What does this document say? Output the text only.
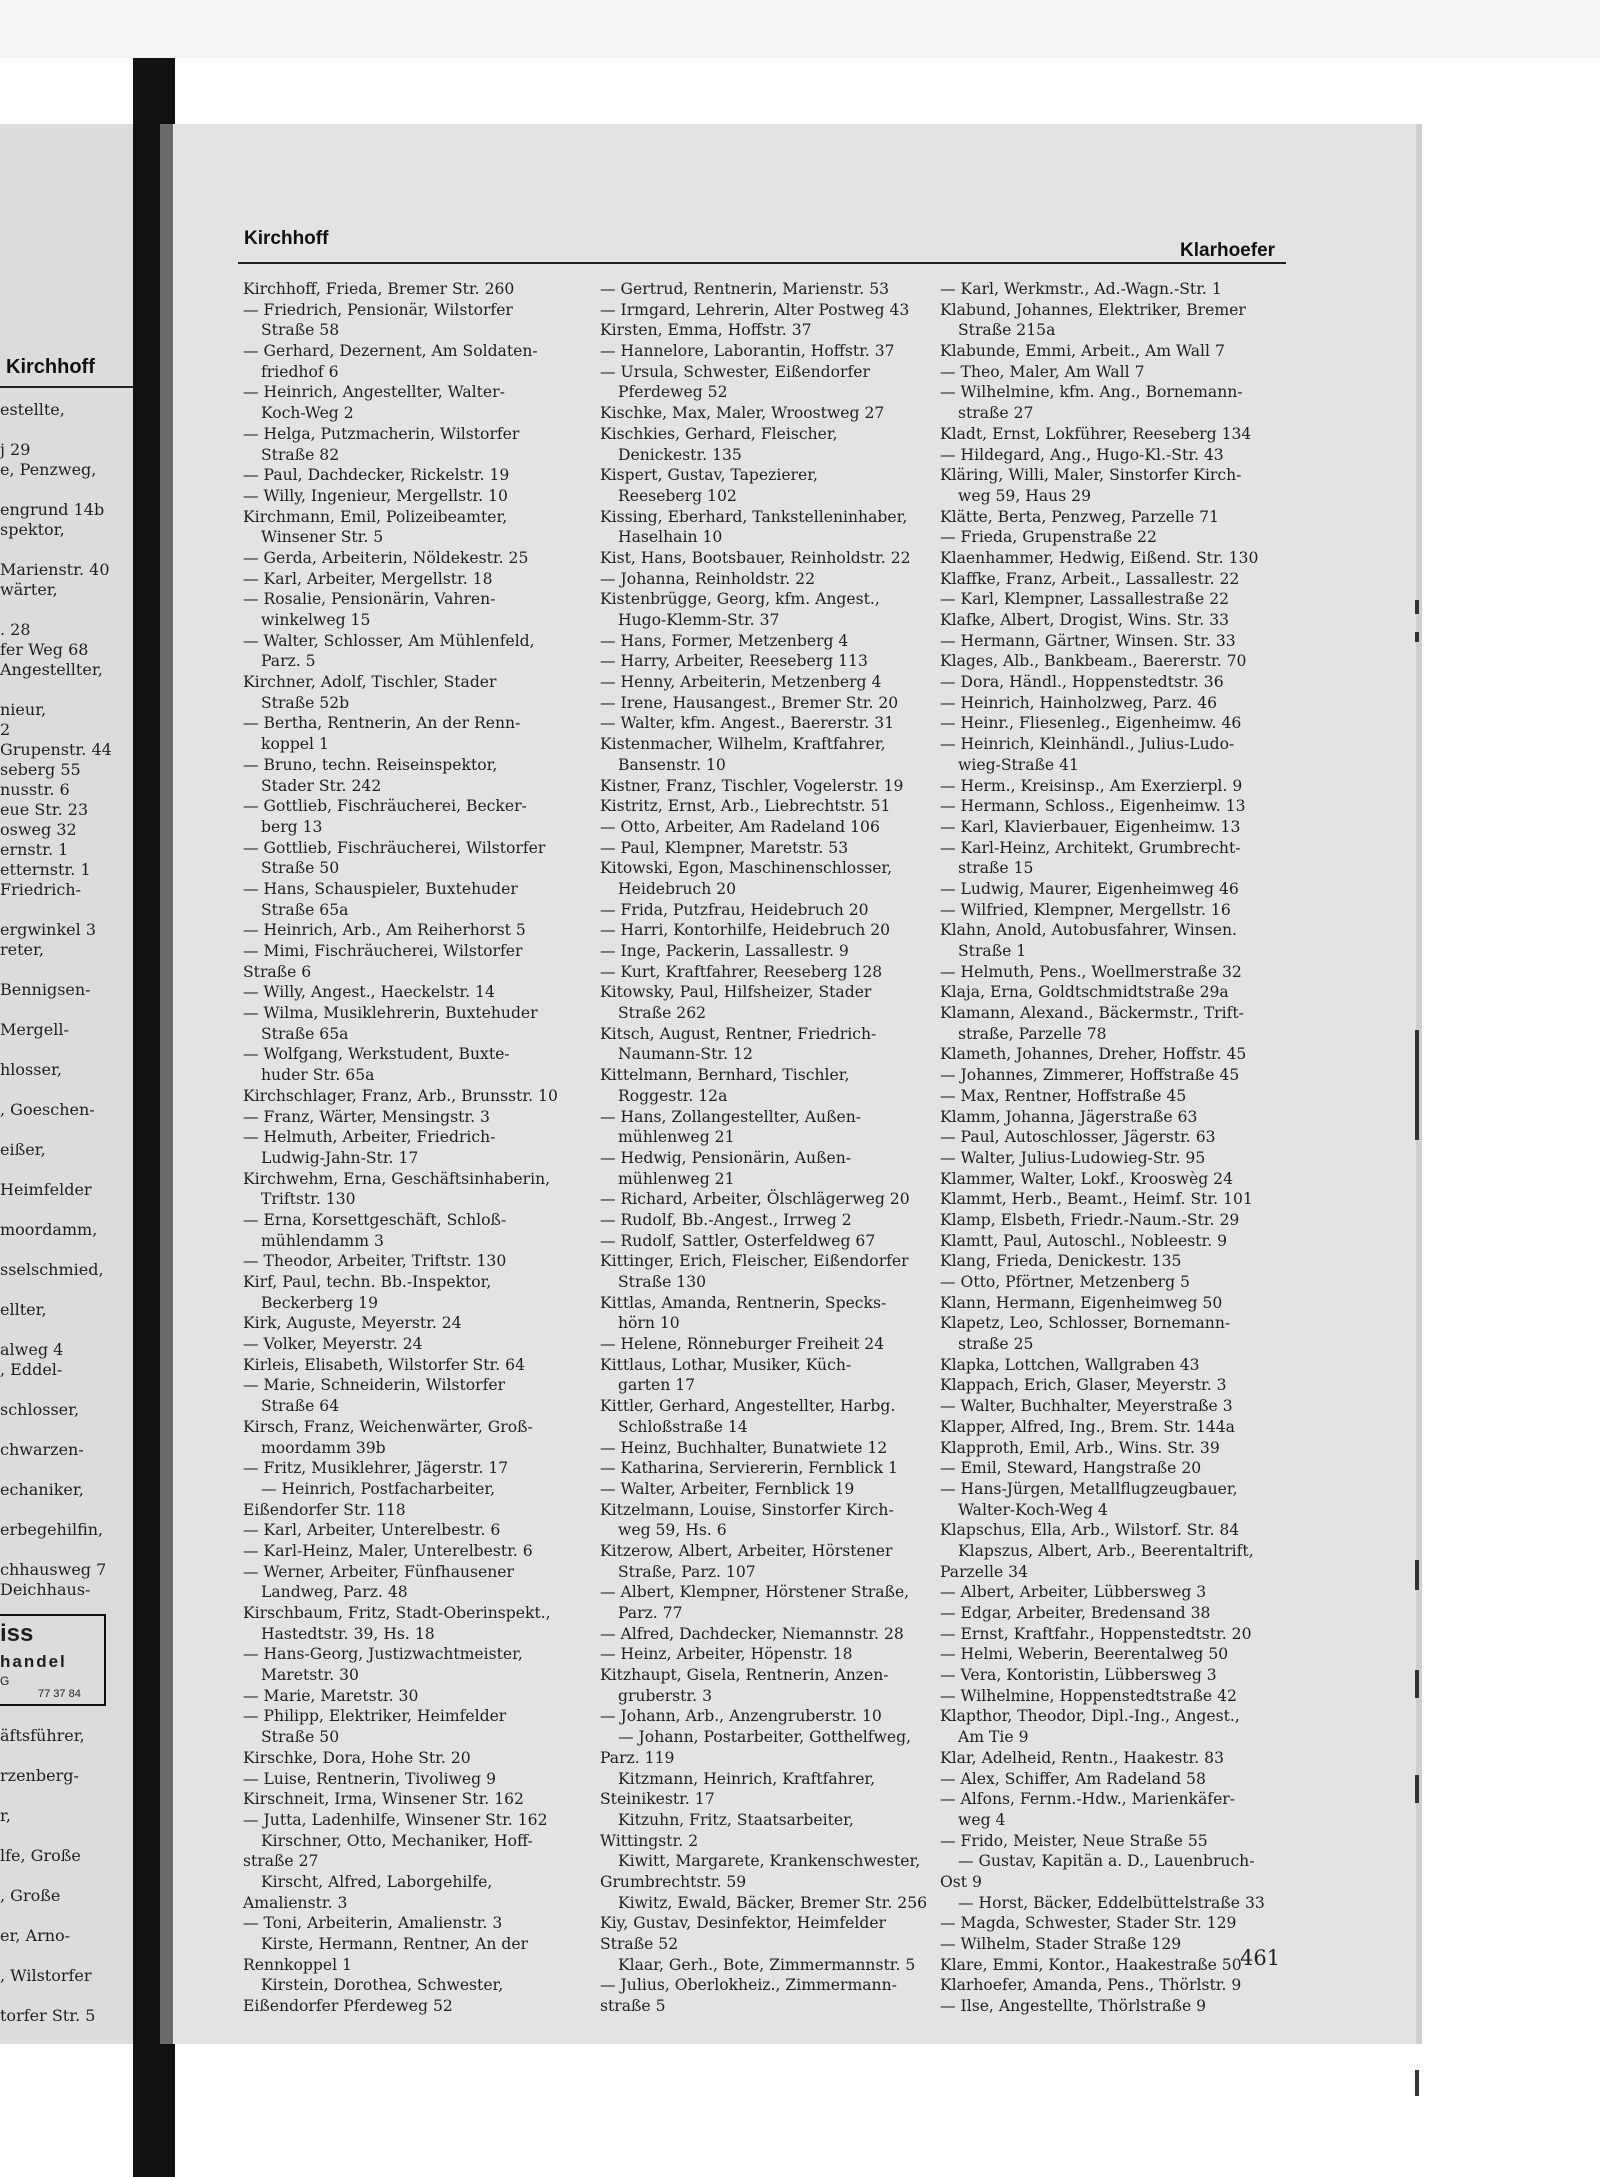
Kirchhoff
estellte,
j 29
e, Penzweg,
engrund 14b
spektor,
Marienstr. 40
wärter,
. 28
fer Weg 68
Angestellter,
nieur,
2
Grupenstr. 44
seberg 55
nusstr. 6
eue Str. 23
osweg 32
ernstr. 1
etternstr. 1
Friedrich-
ergwinkel 3
reter,
Bennigsen-
Mergell-
hlosser,
, Goeschen-
eißer,
Heimfelder
moordamm,
sselschmied,
ellter,
alweg 4
, Eddel-
schlosser,
chwarzen-
echaniker,
erbegehilfin,
chhausweg 7
Deichhaus-
iss
handel
G
77 37 84
äftsführer,
rzenberg-
r,
lfe, Große
, Große
er, Arno-
, Wilstorfer
torfer Str. 5
Kirchhoff
Klarhoefer
Kirchhoff, Frieda, Bremer Str. 260
— Friedrich, Pensionär, Wilstorfer
Straße 58
— Gerhard, Dezernent, Am Soldaten-
friedhof 6
— Heinrich, Angestellter, Walter-
Koch-Weg 2
— Helga, Putzmacherin, Wilstorfer
Straße 82
— Paul, Dachdecker, Rickelstr. 19
— Willy, Ingenieur, Mergellstr. 10
Kirchmann, Emil, Polizeibeamter,
Winsener Str. 5
— Gerda, Arbeiterin, Nöldekestr. 25
— Karl, Arbeiter, Mergellstr. 18
— Rosalie, Pensionärin, Vahren-
winkelweg 15
— Walter, Schlosser, Am Mühlenfeld,
Parz. 5
Kirchner, Adolf, Tischler, Stader
Straße 52b
— Bertha, Rentnerin, An der Renn-
koppel 1
— Bruno, techn. Reiseinspektor,
Stader Str. 242
— Gottlieb, Fischräucherei, Becker-
berg 13
— Gottlieb, Fischräucherei, Wilstorfer
Straße 50
— Hans, Schauspieler, Buxtehuder
Straße 65a
— Heinrich, Arb., Am Reiherhorst 5
— Mimi, Fischräucherei, Wilstorfer
Straße 6
— Willy, Angest., Haeckelstr. 14
— Wilma, Musiklehrerin, Buxtehuder
Straße 65a
— Wolfgang, Werkstudent, Buxte-
huder Str. 65a
Kirchschlager, Franz, Arb., Brunsstr. 10
— Franz, Wärter, Mensingstr. 3
— Helmuth, Arbeiter, Friedrich-
Ludwig-Jahn-Str. 17
Kirchwehm, Erna, Geschäftsinhaberin,
Triftstr. 130
— Erna, Korsettgeschäft, Schloß-
mühlendamm 3
— Theodor, Arbeiter, Triftstr. 130
Kirf, Paul, techn. Bb.-Inspektor,
Beckerberg 19
Kirk, Auguste, Meyerstr. 24
— Volker, Meyerstr. 24
Kirleis, Elisabeth, Wilstorfer Str. 64
— Marie, Schneiderin, Wilstorfer
Straße 64
Kirsch, Franz, Weichenwärter, Groß-
moordamm 39b
— Fritz, Musiklehrer, Jägerstr. 17
— Heinrich, Postfacharbeiter,
Eißendorfer Str. 118
— Karl, Arbeiter, Unterelbestr. 6
— Karl-Heinz, Maler, Unterelbestr. 6
— Werner, Arbeiter, Fünfhausener
Landweg, Parz. 48
Kirschbaum, Fritz, Stadt-Oberinspekt.,
Hastedtstr. 39, Hs. 18
— Hans-Georg, Justizwachtmeister,
Maretstr. 30
— Marie, Maretstr. 30
— Philipp, Elektriker, Heimfelder
Straße 50
Kirschke, Dora, Hohe Str. 20
— Luise, Rentnerin, Tivoliweg 9
Kirschneit, Irma, Winsener Str. 162
— Jutta, Ladenhilfe, Winsener Str. 162
Kirschner, Otto, Mechaniker, Hoff-
straße 27
Kirscht, Alfred, Laborgehilfe,
Amalienstr. 3
— Toni, Arbeiterin, Amalienstr. 3
Kirste, Hermann, Rentner, An der
Rennkoppel 1
Kirstein, Dorothea, Schwester,
Eißendorfer Pferdeweg 52
— Gertrud, Rentnerin, Marienstr. 53
— Irmgard, Lehrerin, Alter Postweg 43
Kirsten, Emma, Hoffstr. 37
— Hannelore, Laborantin, Hoffstr. 37
— Ursula, Schwester, Eißendorfer
Pferdeweg 52
Kischke, Max, Maler, Wroostweg 27
Kischkies, Gerhard, Fleischer,
Denickestr. 135
Kispert, Gustav, Tapezierer,
Reeseberg 102
Kissing, Eberhard, Tankstelleninhaber,
Haselhain 10
Kist, Hans, Bootsbauer, Reinholdstr. 22
— Johanna, Reinholdstr. 22
Kistenbrügge, Georg, kfm. Angest.,
Hugo-Klemm-Str. 37
— Hans, Former, Metzenberg 4
— Harry, Arbeiter, Reeseberg 113
— Henny, Arbeiterin, Metzenberg 4
— Irene, Hausangest., Bremer Str. 20
— Walter, kfm. Angest., Baererstr. 31
Kistenmacher, Wilhelm, Kraftfahrer,
Bansenstr. 10
Kistner, Franz, Tischler, Vogelerstr. 19
Kistritz, Ernst, Arb., Liebrechtstr. 51
— Otto, Arbeiter, Am Radeland 106
— Paul, Klempner, Maretstr. 53
Kitowski, Egon, Maschinenschlosser,
Heidebruch 20
— Frida, Putzfrau, Heidebruch 20
— Harri, Kontorhilfe, Heidebruch 20
— Inge, Packerin, Lassallestr. 9
— Kurt, Kraftfahrer, Reeseberg 128
Kitowsky, Paul, Hilfsheizer, Stader
Straße 262
Kitsch, August, Rentner, Friedrich-
Naumann-Str. 12
Kittelmann, Bernhard, Tischler,
Roggestr. 12a
— Hans, Zollangestellter, Außen-
mühlenweg 21
— Hedwig, Pensionärin, Außen-
mühlenweg 21
— Richard, Arbeiter, Ölschlägerweg 20
— Rudolf, Bb.-Angest., Irrweg 2
— Rudolf, Sattler, Osterfeldweg 67
Kittinger, Erich, Fleischer, Eißendorfer
Straße 130
Kittlas, Amanda, Rentnerin, Specks-
hörn 10
— Helene, Rönneburger Freiheit 24
Kittlaus, Lothar, Musiker, Küch-
garten 17
Kittler, Gerhard, Angestellter, Harbg.
Schloßstraße 14
— Heinz, Buchhalter, Bunatwiete 12
— Katharina, Serviererin, Fernblick 1
— Walter, Arbeiter, Fernblick 19
Kitzelmann, Louise, Sinstorfer Kirch-
weg 59, Hs. 6
Kitzerow, Albert, Arbeiter, Hörstener
Straße, Parz. 107
— Albert, Klempner, Hörstener Straße,
Parz. 77
— Alfred, Dachdecker, Niemannstr. 28
— Heinz, Arbeiter, Höpenstr. 18
Kitzhaupt, Gisela, Rentnerin, Anzen-
gruberstr. 3
— Johann, Arb., Anzengruberstr. 10
— Johann, Postarbeiter, Gotthelfweg,
Parz. 119
Kitzmann, Heinrich, Kraftfahrer,
Steinikestr. 17
Kitzuhn, Fritz, Staatsarbeiter,
Wittingstr. 2
Kiwitt, Margarete, Krankenschwester,
Grumbrechtstr. 59
Kiwitz, Ewald, Bäcker, Bremer Str. 256
Kiy, Gustav, Desinfektor, Heimfelder
Straße 52
Klaar, Gerh., Bote, Zimmermannstr. 5
— Julius, Oberlokheiz., Zimmermann-
straße 5
— Karl, Werkmstr., Ad.-Wagn.-Str. 1
Klabund, Johannes, Elektriker, Bremer
Straße 215a
Klabunde, Emmi, Arbeit., Am Wall 7
— Theo, Maler, Am Wall 7
— Wilhelmine, kfm. Ang., Bornemann-
straße 27
Kladt, Ernst, Lokführer, Reeseberg 134
— Hildegard, Ang., Hugo-Kl.-Str. 43
Kläring, Willi, Maler, Sinstorfer Kirch-
weg 59, Haus 29
Klätte, Berta, Penzweg, Parzelle 71
— Frieda, Grupenstraße 22
Klaenhammer, Hedwig, Eißend. Str. 130
Klaffke, Franz, Arbeit., Lassallestr. 22
— Karl, Klempner, Lassallestraße 22
Klafke, Albert, Drogist, Wins. Str. 33
— Hermann, Gärtner, Winsen. Str. 33
Klages, Alb., Bankbeam., Baererstr. 70
— Dora, Händl., Hoppenstedtstr. 36
— Heinrich, Hainholzweg, Parz. 46
— Heinr., Fliesenleg., Eigenheimw. 46
— Heinrich, Kleinhändl., Julius-Ludo-
wieg-Straße 41
— Herm., Kreisinsp., Am Exerzierpl. 9
— Hermann, Schloss., Eigenheimw. 13
— Karl, Klavierbauer, Eigenheimw. 13
— Karl-Heinz, Architekt, Grumbrecht-
straße 15
— Ludwig, Maurer, Eigenheimweg 46
— Wilfried, Klempner, Mergellstr. 16
Klahn, Anold, Autobusfahrer, Winsen.
Straße 1
— Helmuth, Pens., Woellmerstraße 32
Klaja, Erna, Goldtschmidtstraße 29a
Klamann, Alexand., Bäckermstr., Trift-
straße, Parzelle 78
Klameth, Johannes, Dreher, Hoffstr. 45
— Johannes, Zimmerer, Hoffstraße 45
— Max, Rentner, Hoffstraße 45
Klamm, Johanna, Jägerstraße 63
— Paul, Autoschlosser, Jägerstr. 63
— Walter, Julius-Ludowieg-Str. 95
Klammer, Walter, Lokf., Krooswèg 24
Klammt, Herb., Beamt., Heimf. Str. 101
Klamp, Elsbeth, Friedr.-Naum.-Str. 29
Klamtt, Paul, Autoschl., Nobleestr. 9
Klang, Frieda, Denickestr. 135
— Otto, Pförtner, Metzenberg 5
Klann, Hermann, Eigenheimweg 50
Klapetz, Leo, Schlosser, Bornemann-
straße 25
Klapka, Lottchen, Wallgraben 43
Klappach, Erich, Glaser, Meyerstr. 3
— Walter, Buchhalter, Meyerstraße 3
Klapper, Alfred, Ing., Brem. Str. 144a
Klapproth, Emil, Arb., Wins. Str. 39
— Emil, Steward, Hangstraße 20
— Hans-Jürgen, Metallflugzeugbauer,
Walter-Koch-Weg 4
Klapschus, Ella, Arb., Wilstorf. Str. 84
Klapszus, Albert, Arb., Beerentaltrift,
Parzelle 34
— Albert, Arbeiter, Lübbersweg 3
— Edgar, Arbeiter, Bredensand 38
— Ernst, Kraftfahr., Hoppenstedtstr. 20
— Helmi, Weberin, Beerentalweg 50
— Vera, Kontoristin, Lübbersweg 3
— Wilhelmine, Hoppenstedtstraße 42
Klapthor, Theodor, Dipl.-Ing., Angest.,
Am Tie 9
Klar, Adelheid, Rentn., Haakestr. 83
— Alex, Schiffer, Am Radeland 58
— Alfons, Fernm.-Hdw., Marienkäfer-
weg 4
— Frido, Meister, Neue Straße 55
— Gustav, Kapitän a. D., Lauenbruch-
Ost 9
— Horst, Bäcker, Eddelbüttelstraße 33
— Magda, Schwester, Stader Str. 129
— Wilhelm, Stader Straße 129
Klare, Emmi, Kontor., Haakestraße 50
Klarhoefer, Amanda, Pens., Thörlstr. 9
— Ilse, Angestellte, Thörlstraße 9
461
